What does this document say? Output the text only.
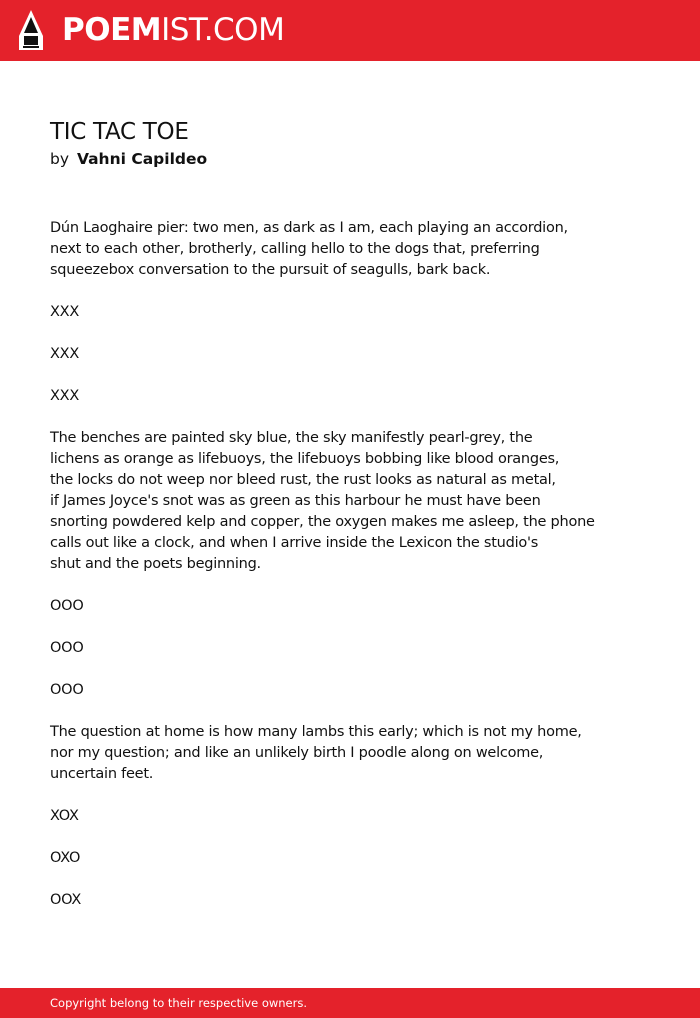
POEMIST.COM
TIC TAC TOE
by Vahni Capildeo

Dún Laoghaire pier: two men, as dark as I am, each playing an accordion,
next to each other, brotherly, calling hello to the dogs that, preferring
squeezebox conversation to the pursuit of seagulls, bark back.

XXX

XXX

XXX

The benches are painted sky blue, the sky manifestly pearl-grey, the
lichens as orange as lifebuoys, the lifebuoys bobbing like blood oranges,
the locks do not weep nor bleed rust, the rust looks as natural as metal,
if James Joyce's snot was as green as this harbour he must have been
snorting powdered kelp and copper, the oxygen makes me asleep, the phone
calls out like a clock, and when I arrive inside the Lexicon the studio's
shut and the poets beginning.

OOO

OOO

OOO

The question at home is how many lambs this early; which is not my home,
nor my question; and like an unlikely birth I poodle along on welcome,
uncertain feet.

XOX

OXO

OOX

Copyright belong to their respective owners.
